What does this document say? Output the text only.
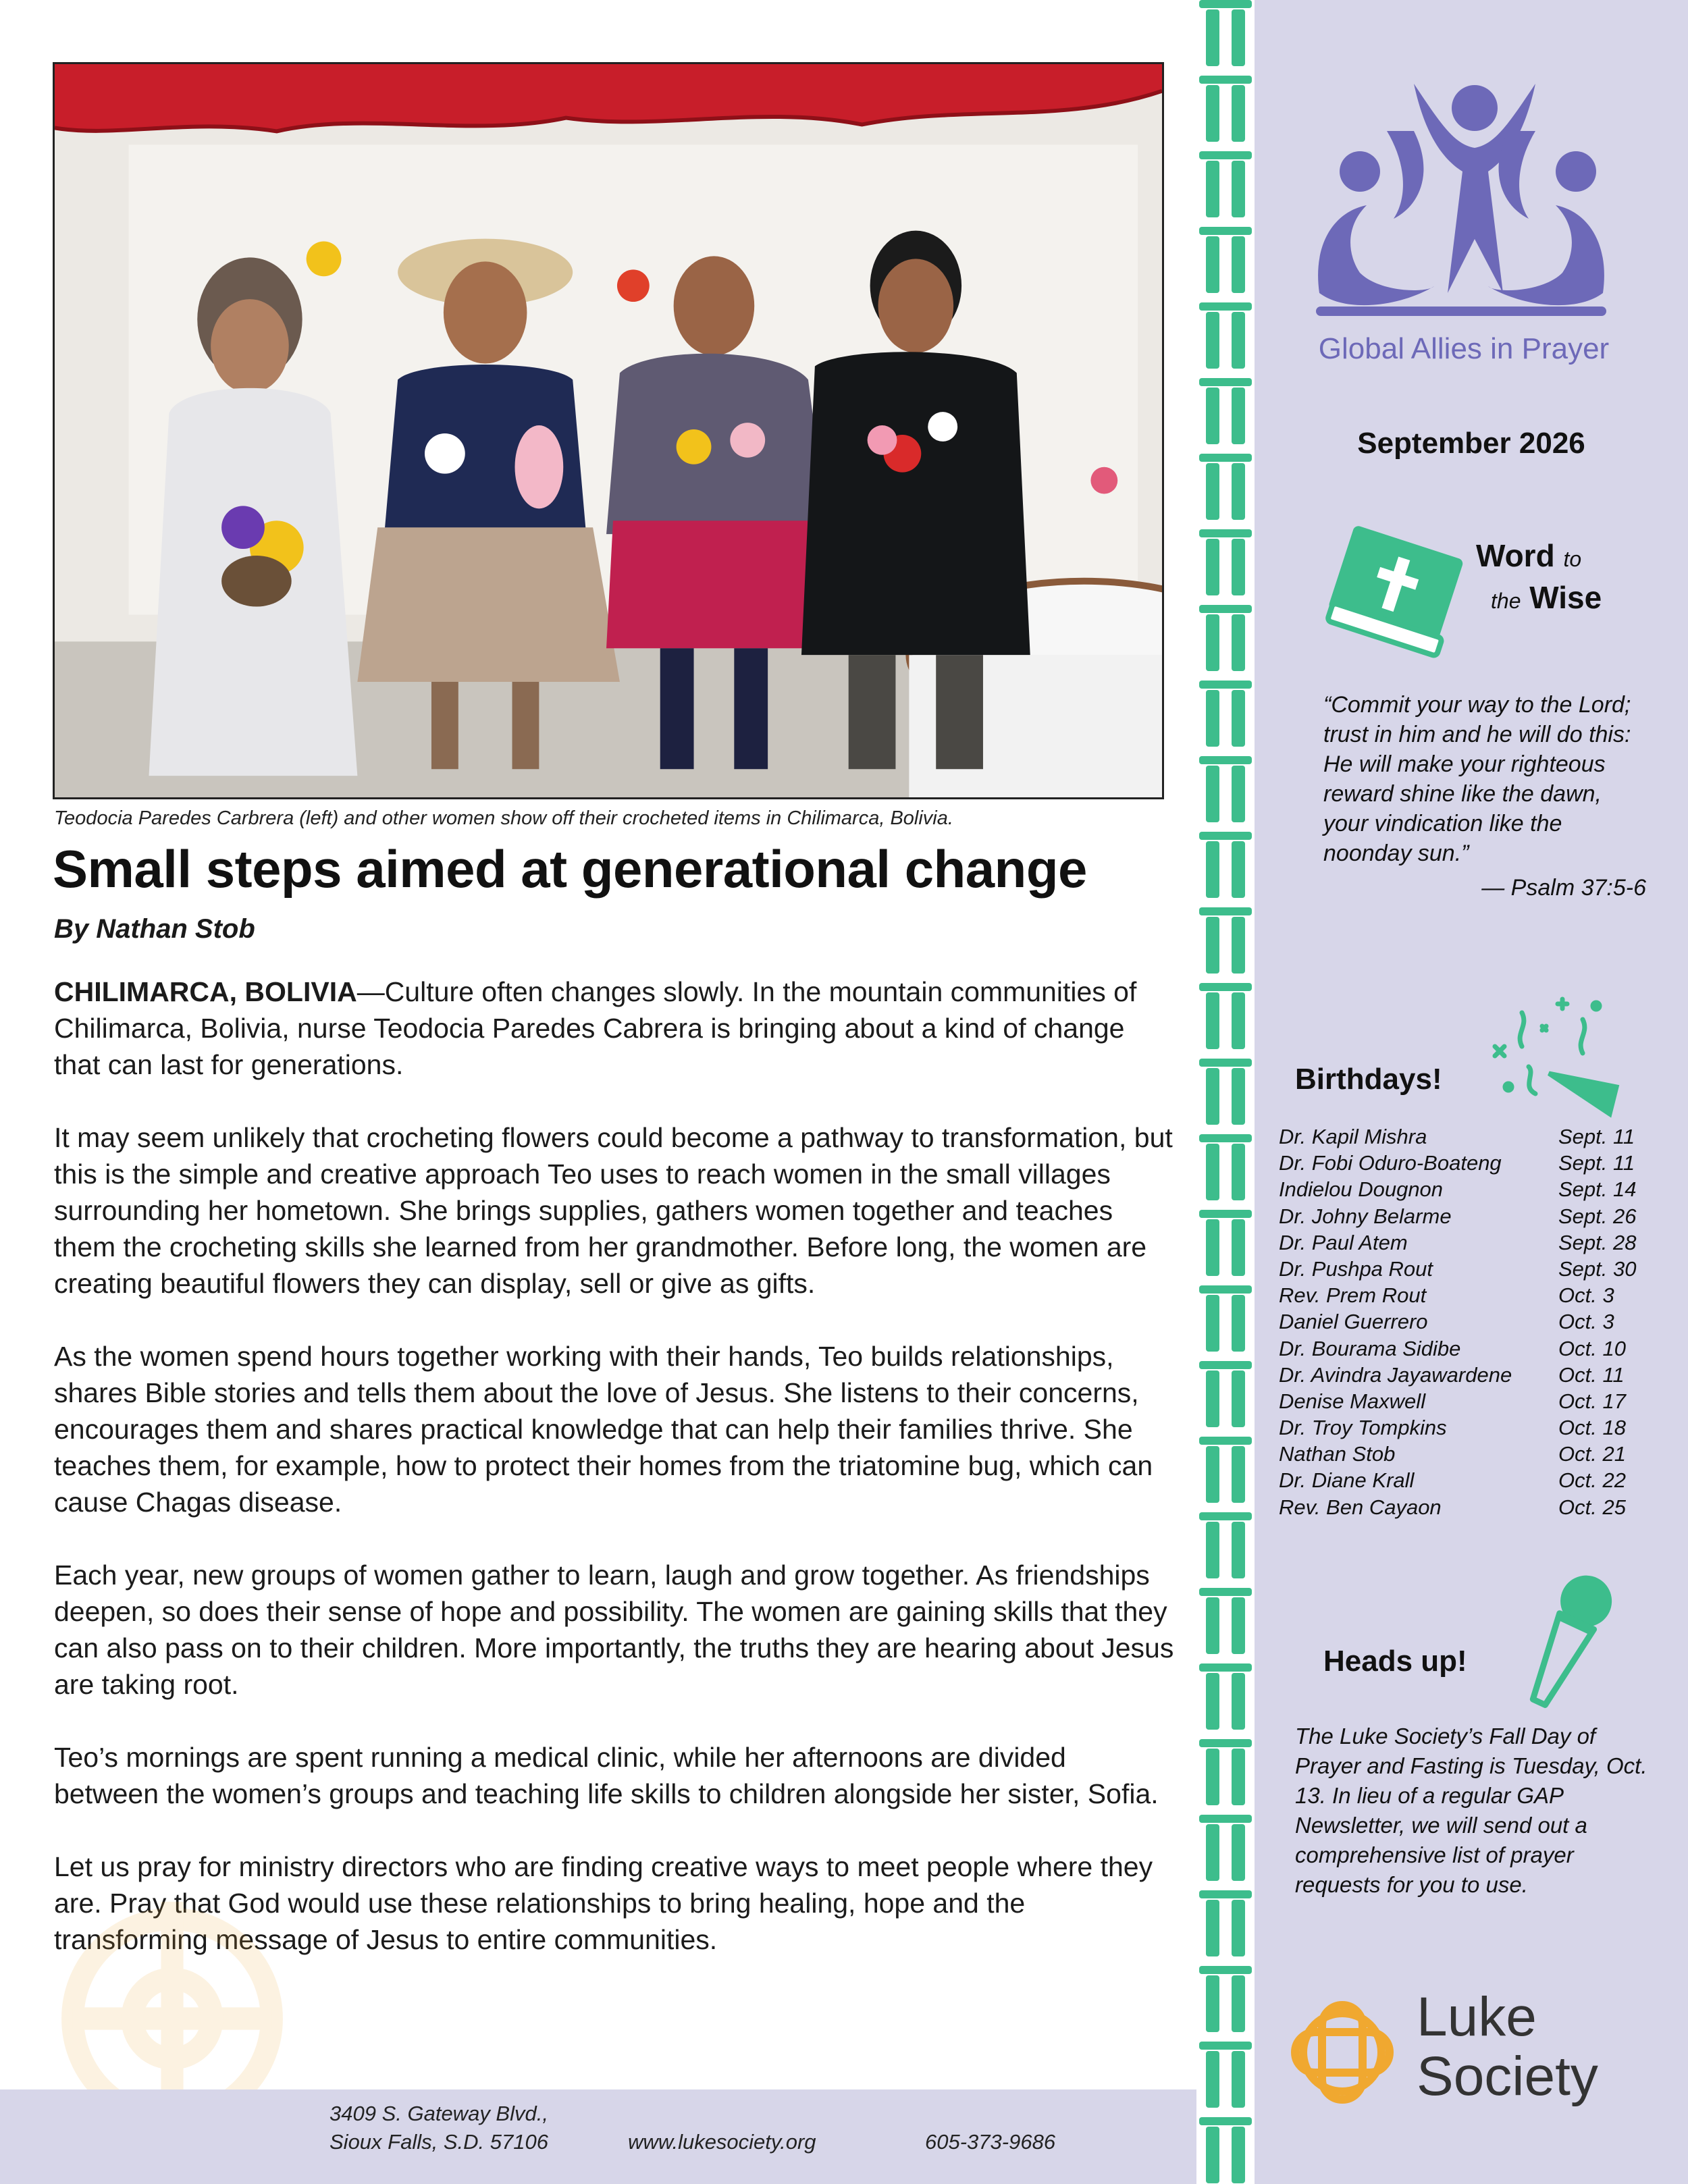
Teodocia Paredes Carbrera (left) and other women show off their crocheted items in Chilimarca, Bolivia.
Small steps aimed at generational change
By Nathan Stob

CHILIMARCA, BOLIVIA—Culture often changes slowly. In the mountain communities of Chilimarca, Bolivia, nurse Teodocia Paredes Cabrera is bringing about a kind of change that can last for generations.

It may seem unlikely that crocheting flowers could become a pathway to transformation, but this is the simple and creative approach Teo uses to reach women in the small villages surrounding her hometown. She brings supplies, gathers women together and teaches them the crocheting skills she learned from her grandmother. Before long, the women are creating beautiful flowers they can display, sell or give as gifts.

As the women spend hours together working with their hands, Teo builds relationships, shares Bible stories and tells them about the love of Jesus. She listens to their concerns, encourages them and shares practical knowledge that can help their families thrive. She teaches them, for example, how to protect their homes from the triatomine bug, which can cause Chagas disease.

Each year, new groups of women gather to learn, laugh and grow together. As friendships deepen, so does their sense of hope and possibility. The women are gaining skills that they can also pass on to their children. More importantly, the truths they are hearing about Jesus are taking root.

Teo’s mornings are spent running a medical clinic, while her afternoons are divided between the women’s groups and teaching life skills to children alongside her sister, Sofia.

Let us pray for ministry directors who are finding creative ways to meet people where they are. Pray that God would use these relationships to bring healing, hope and the transforming message of Jesus to entire communities.

3409 S. Gateway Blvd.,
Sioux Falls, S.D. 57106	www.lukesociety.org	605-373-9686
Global Allies in Prayer
September 2026
Word to
the Wise
“Commit your way to the Lord; trust in him and he will do this: He will make your righteous reward shine like the dawn, your vindication like the noonday sun.”
— Psalm 37:5-6
Birthdays!
Dr. Kapil Mishra	Sept. 11
Dr. Fobi Oduro-Boateng	Sept. 11
Indielou Dougnon	Sept. 14
Dr. Johny Belarme	Sept. 26
Dr. Paul Atem	Sept. 28
Dr. Pushpa Rout	Sept. 30
Rev. Prem Rout	Oct. 3
Daniel Guerrero	Oct. 3
Dr. Bourama Sidibe	Oct. 10
Dr. Avindra Jayawardene	Oct. 11
Denise Maxwell	Oct. 17
Dr. Troy Tompkins	Oct. 18
Nathan Stob	Oct. 21
Dr. Diane Krall	Oct. 22
Rev. Ben Cayaon	Oct. 25
Heads up!
The Luke Society’s Fall Day of Prayer and Fasting is Tuesday, Oct. 13. In lieu of a regular GAP Newsletter, we will send out a comprehensive list of prayer requests for you to use.
Luke
Society
